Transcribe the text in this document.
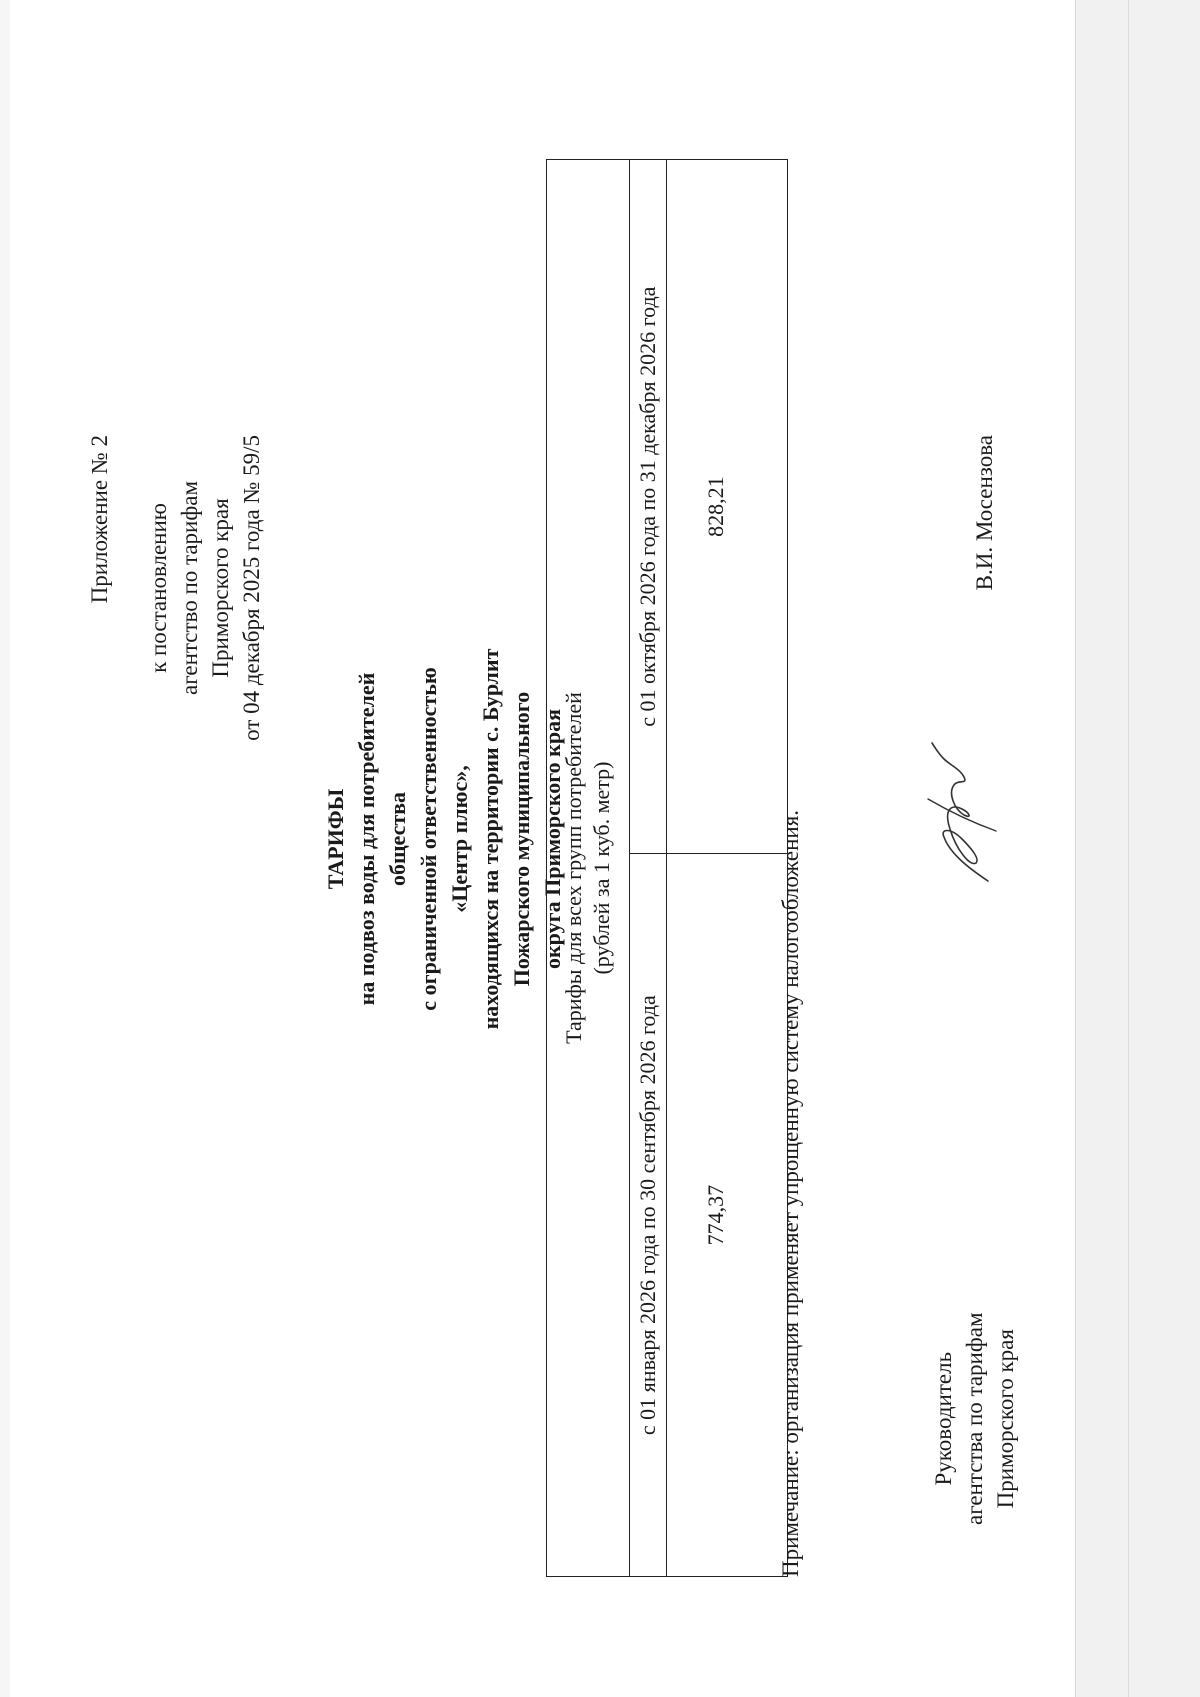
Приложение № 2 к постановлению агентство по тарифам Приморского края от 04 декабря 2025 года № 59/5
ТАРИФЫ на подвоз воды для потребителей общества с ограниченной ответственностью «Центр плюс», находящихся на территории с. Бурлит Пожарского муниципального округа Приморского края
Тарифы для всех групп потребителей (рублей за 1 куб. метр)	

с 01 января 2026 года по 30 сентября 2026 года	с 01 октября 2026 года по 31 декабря 2026 года
774,37	828,21
Примечание: организация применяет упрощенную систему налогообложения.	Руководитель агентства по тарифам Приморского края
В.И. Мосензова
